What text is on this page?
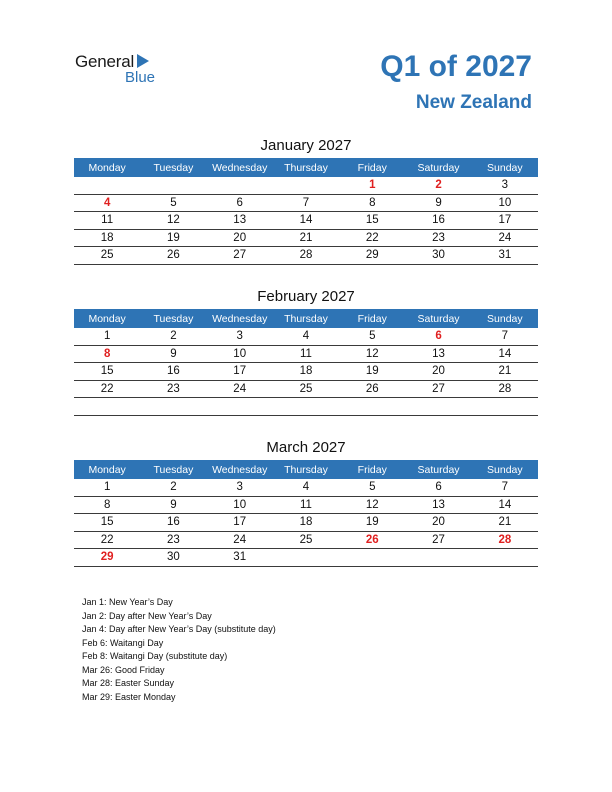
General
Blue	Q1 of 2027
New Zealand
January 2027
Monday	Tuesday	Wednesday	Thursday	Friday	Saturday	Sunday
				1	2	3
4	5	6	7	8	9	10
11	12	13	14	15	16	17
18	19	20	21	22	23	24
25	26	27	28	29	30	31
February 2027
Monday	Tuesday	Wednesday	Thursday	Friday	Saturday	Sunday
1	2	3	4	5	6	7
8	9	10	11	12	13	14
15	16	17	18	19	20	21
22	23	24	25	26	27	28

March 2027
Monday	Tuesday	Wednesday	Thursday	Friday	Saturday	Sunday
1	2	3	4	5	6	7
8	9	10	11	12	13	14
15	16	17	18	19	20	21
22	23	24	25	26	27	28
29	30	31				
Jan 1: New Year’s Day
Jan 2: Day after New Year’s Day
Jan 4: Day after New Year’s Day (substitute day)
Feb 6: Waitangi Day
Feb 8: Waitangi Day (substitute day)
Mar 26: Good Friday
Mar 28: Easter Sunday
Mar 29: Easter Monday
